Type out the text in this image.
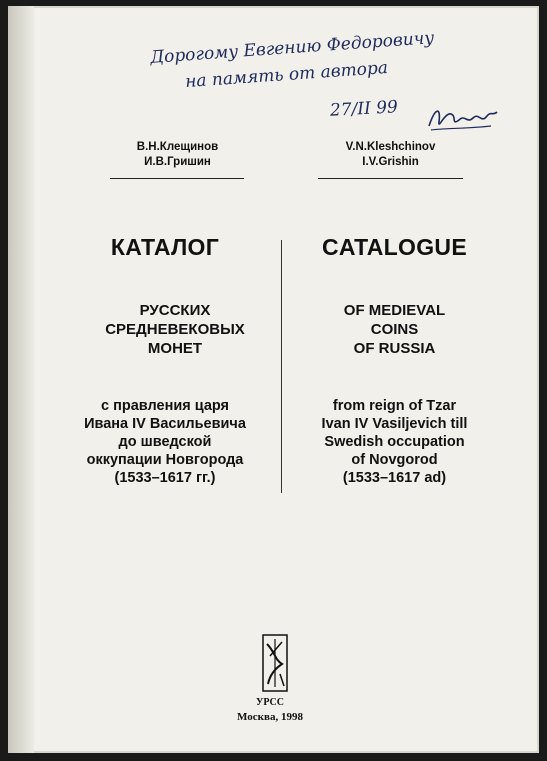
Дорогому Евгению Федоровичу
на память от автора
27/II 99
В.Н.Клещинов
И.В.Гришин
V.N.Kleshchinov
I.V.Grishin
КАТАЛОГ	CATALOGUE
РУССКИХ
СРЕДНЕВЕКОВЫХ
МОНЕТ
OF MEDIEVAL
COINS
OF RUSSIA
с правления царя
Ивана IV Васильевича
до шведской
оккупации Новгорода
(1533–1617 гг.)
from reign of Tzar
Ivan IV Vasiljevich till
Swedish occupation
of Novgorod
(1533–1617 ad)
УРСС
Москва, 1998
